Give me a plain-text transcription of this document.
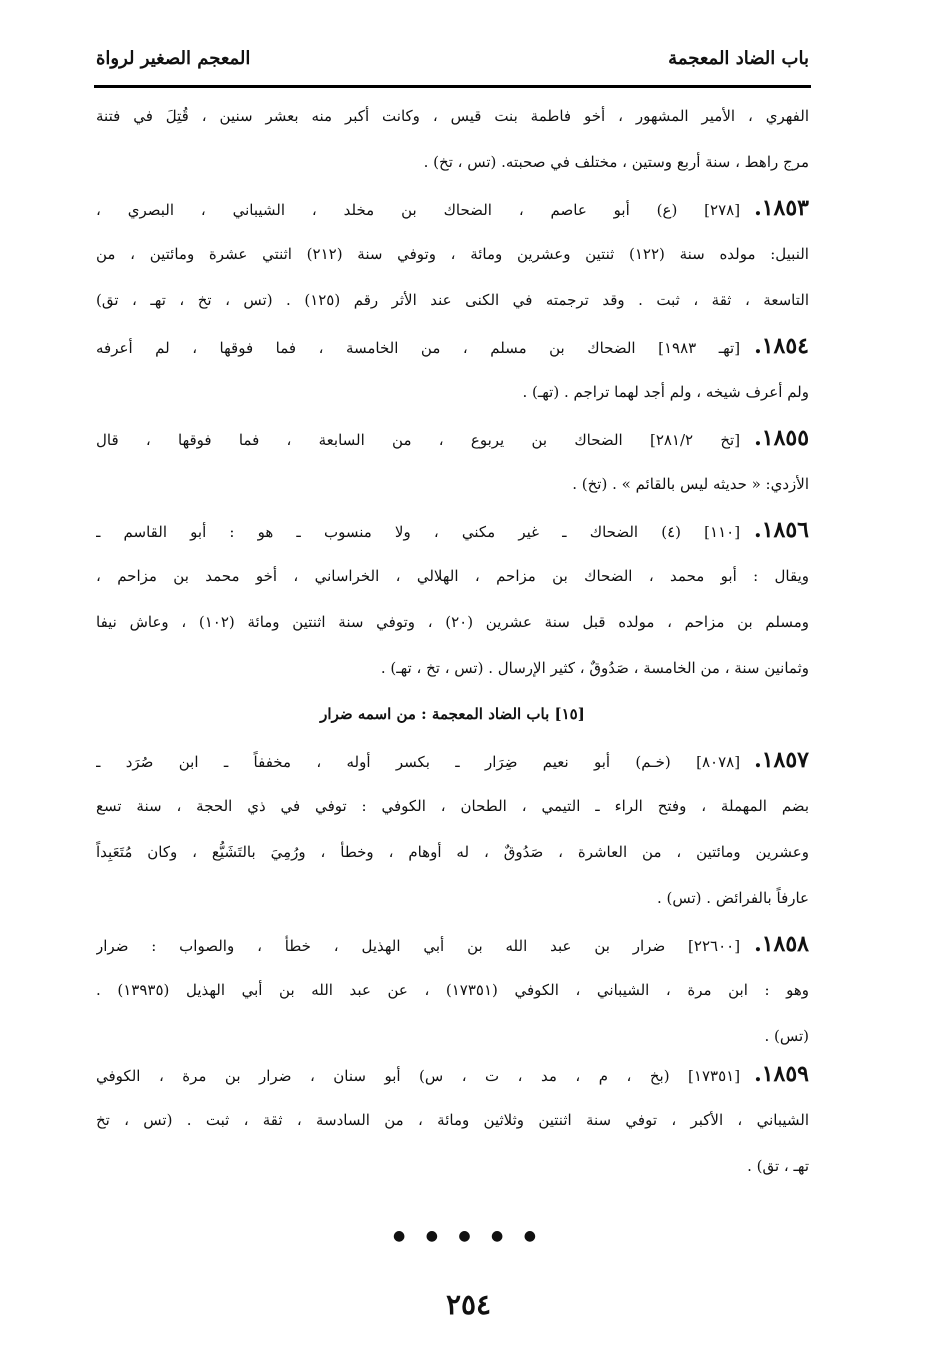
باب الضاد المعجمة
المعجم الصغير لرواة
الفهري ، الأمير المشهور ، أخو فاطمة بنت قيس ، وكانت أكبر منه بعشر سنين ، قُتِلَ في فتنة
مرج راهط ، سنة أربع وستين ، مختلف في صحبته. (تس ، تخ) .
١٨٥٣.[٢٧٨] (ع) أبو عاصم ، الضحاك بن مخلد ، الشيباني ، البصري ،
النبيل: مولده سنة (١٢٢) ثنتين وعشرين ومائة ، وتوفي سنة (٢١٢) اثنتي عشرة ومائتين ، من
التاسعة ، ثقة ، ثبت . وقد ترجمته في الكنى عند الأثر رقم (١٢٥) . (تس ، تخ ، تهـ ، تق)
١٨٥٤.[تهـ ١٩٨٣] الضحاك بن مسلم ، من الخامسة ، فما فوقها ، لم أعرفه
ولم أعرف شيخه ، ولم أجد لهما تراجم . (تهـ) .
١٨٥٥.[تخ ٢٨١/٢] الضحاك بن يربوع ، من السابعة ، فما فوقها ، قال
الأزدي: « حديثه ليس بالقائم » . (تخ) .
١٨٥٦.[١١٠] (٤) الضحاك ـ غير مكني ، ولا منسوب ـ هو : أبو القاسم ـ
ويقال : أبو محمد ، الضحاك بن مزاحم ، الهلالي ، الخراساني ، أخو محمد بن مزاحم ،
ومسلم بن مزاحم ، مولده قبل سنة عشرين (٢٠) ، وتوفي سنة اثنتين ومائة (١٠٢) ، وعاش نيفا
وثمانين سنة ، من الخامسة ، صَدُوقٌ ، كثير الإرسال . (تس ، تخ ، تهـ) .
[١٥] باب الضاد المعجمة : من اسمه ضرار
١٨٥٧.[٨٠٧٨] (خـم) أبو نعيم ضِرَار ـ بكسر أوله ، مخففاً ـ ابن صُرَد ـ
بضم المهملة ، وفتح الراء ـ التيمي ، الطحان ، الكوفي : توفي في ذي الحجة ، سنة تسع
وعشرين ومائتين ، من العاشرة ، صَدُوقٌ ، له أوهام ، وخطأ ، ورُمِيَ بالتَشَيُّع ، وكان مُتَعَبِداً
عارفاً بالفرائض . (تس) .
١٨٥٨.[٢٢٦٠٠] ضرار بن عبد الله بن أبي الهذيل ، خطأ ، والصواب : ضرار
وهو : ابن مرة ، الشيباني ، الكوفي (١٧٣٥١) ، عن عبد الله بن أبي الهذيل (١٣٩٣٥) .
(تس) .
١٨٥٩.[١٧٣٥١] (بخ ، م ، مد ، ت ، س) أبو سنان ، ضرار بن مرة ، الكوفي
الشيباني ، الأكبر ، توفي سنة اثنتين وثلاثين ومائة ، من السادسة ، ثقة ، ثبت . (تس ، تخ
تهـ ، تق) .
● ● ● ● ●
٢٥٤
